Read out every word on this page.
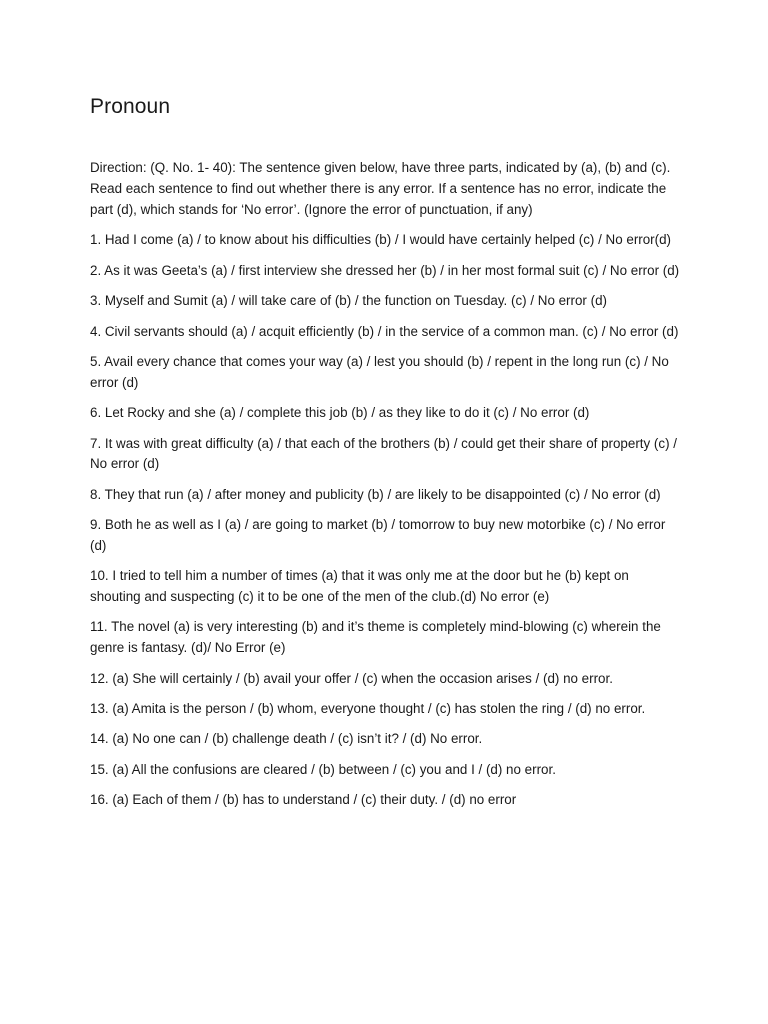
Pronoun

Direction: (Q. No. 1- 40): The sentence given below, have three parts, indicated by (a), (b) and (c). Read each sentence to find out whether there is any error. If a sentence has no error, indicate the part (d), which stands for ‘No error’. (Ignore the error of punctuation, if any)

1. Had I come (a) / to know about his difficulties (b) / I would have certainly helped (c) / No error(d)

2. As it was Geeta’s (a) / first interview she dressed her (b) / in her most formal suit (c) / No error (d)

3. Myself and Sumit (a) / will take care of (b) / the function on Tuesday. (c) / No error (d)

4. Civil servants should (a) / acquit efficiently (b) / in the service of a common man. (c) / No error (d)

5. Avail every chance that comes your way (a) / lest you should (b) / repent in the long run (c) / No error (d)

6. Let Rocky and she (a) / complete this job (b) / as they like to do it (c) / No error (d)

7. It was with great difficulty (a) / that each of the brothers (b) / could get their share of property (c) / No error (d)

8. They that run (a) / after money and publicity (b) / are likely to be disappointed (c) / No error (d)

9. Both he as well as I (a) / are going to market (b) / tomorrow to buy new motorbike (c) / No error (d)

10. I tried to tell him a number of times (a) that it was only me at the door but he (b) kept on shouting and suspecting (c) it to be one of the men of the club.(d) No error (e)

11. The novel (a) is very interesting (b) and it’s theme is completely mind-blowing (c) wherein the genre is fantasy. (d)/ No Error (e)

12. (a) She will certainly / (b) avail your offer / (c) when the occasion arises / (d) no error.

13. (a) Amita is the person / (b) whom, everyone thought / (c) has stolen the ring / (d) no error.

14. (a) No one can / (b) challenge death / (c) isn’t it? / (d) No error.

15. (a) All the confusions are cleared / (b) between / (c) you and I / (d) no error.

16. (a) Each of them / (b) has to understand / (c) their duty. / (d) no error
